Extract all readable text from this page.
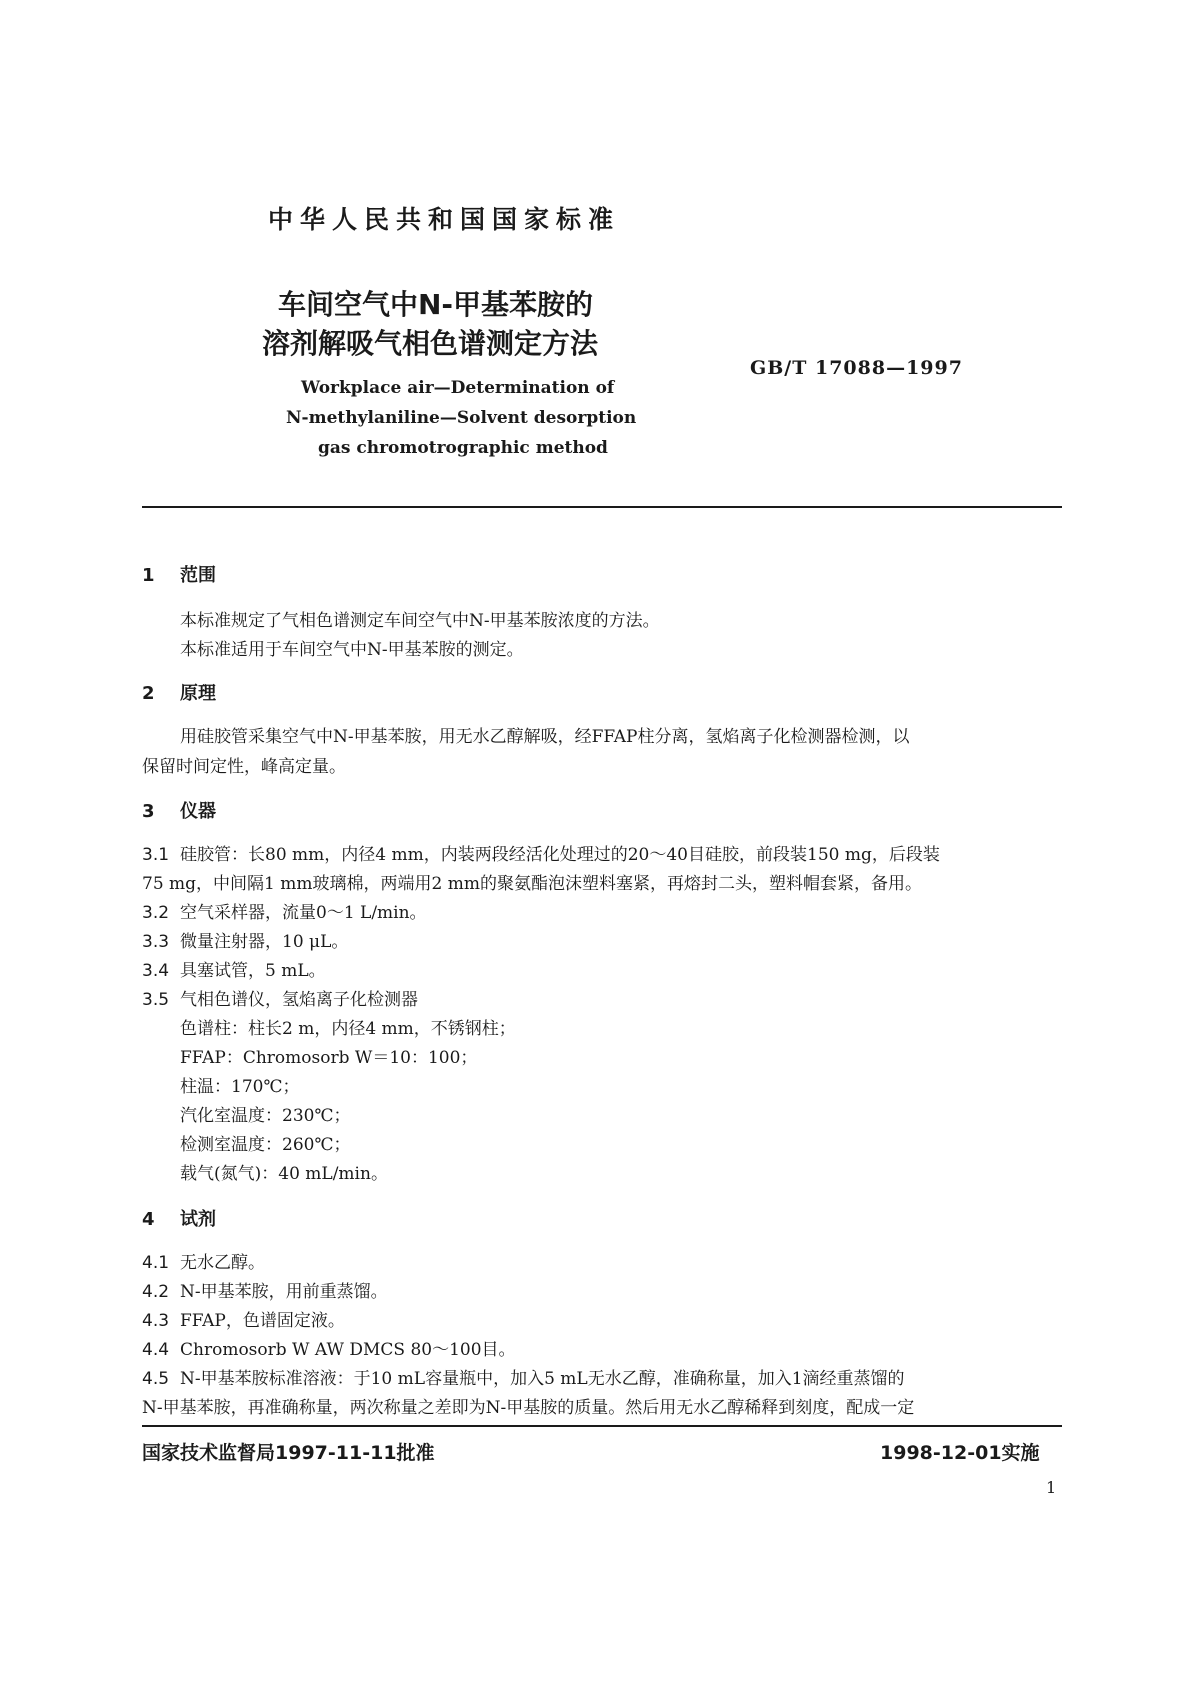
中华人民共和国国家标准
车间空气中N-甲基苯胺的
溶剂解吸气相色谱测定方法
GB/T 17088—1997
Workplace air—Determination of
N-methylaniline—Solvent desorption
gas chromotrographic method
1 范围
本标准规定了气相色谱测定车间空气中N-甲基苯胺浓度的方法。
本标准适用于车间空气中N-甲基苯胺的测定。
2 原理
用硅胶管采集空气中N-甲基苯胺，用无水乙醇解吸，经FFAP柱分离，氢焰离子化检测器检测，以
保留时间定性，峰高定量。
3 仪器
3.1 硅胶管：长80 mm，内径4 mm，内装两段经活化处理过的20～40目硅胶，前段装150 mg，后段装
75 mg，中间隔1 mm玻璃棉，两端用2 mm的聚氨酯泡沫塑料塞紧，再熔封二头，塑料帽套紧，备用。
3.2 空气采样器，流量0～1 L/min。
3.3 微量注射器，10 μL。
3.4 具塞试管，5 mL。
3.5 气相色谱仪，氢焰离子化检测器
色谱柱：柱长2 m，内径4 mm，不锈钢柱；
FFAP：Chromosorb W＝10：100；
柱温：170℃；
汽化室温度：230℃；
检测室温度：260℃；
载气(氮气)：40 mL/min。
4 试剂
4.1 无水乙醇。
4.2 N-甲基苯胺，用前重蒸馏。
4.3 FFAP，色谱固定液。
4.4 Chromosorb W AW DMCS 80～100目。
4.5 N-甲基苯胺标准溶液：于10 mL容量瓶中，加入5 mL无水乙醇，准确称量，加入1滴经重蒸馏的
N-甲基苯胺，再准确称量，两次称量之差即为N-甲基胺的质量。然后用无水乙醇稀释到刻度，配成一定
国家技术监督局1997-11-11批准	1998-12-01实施
1
